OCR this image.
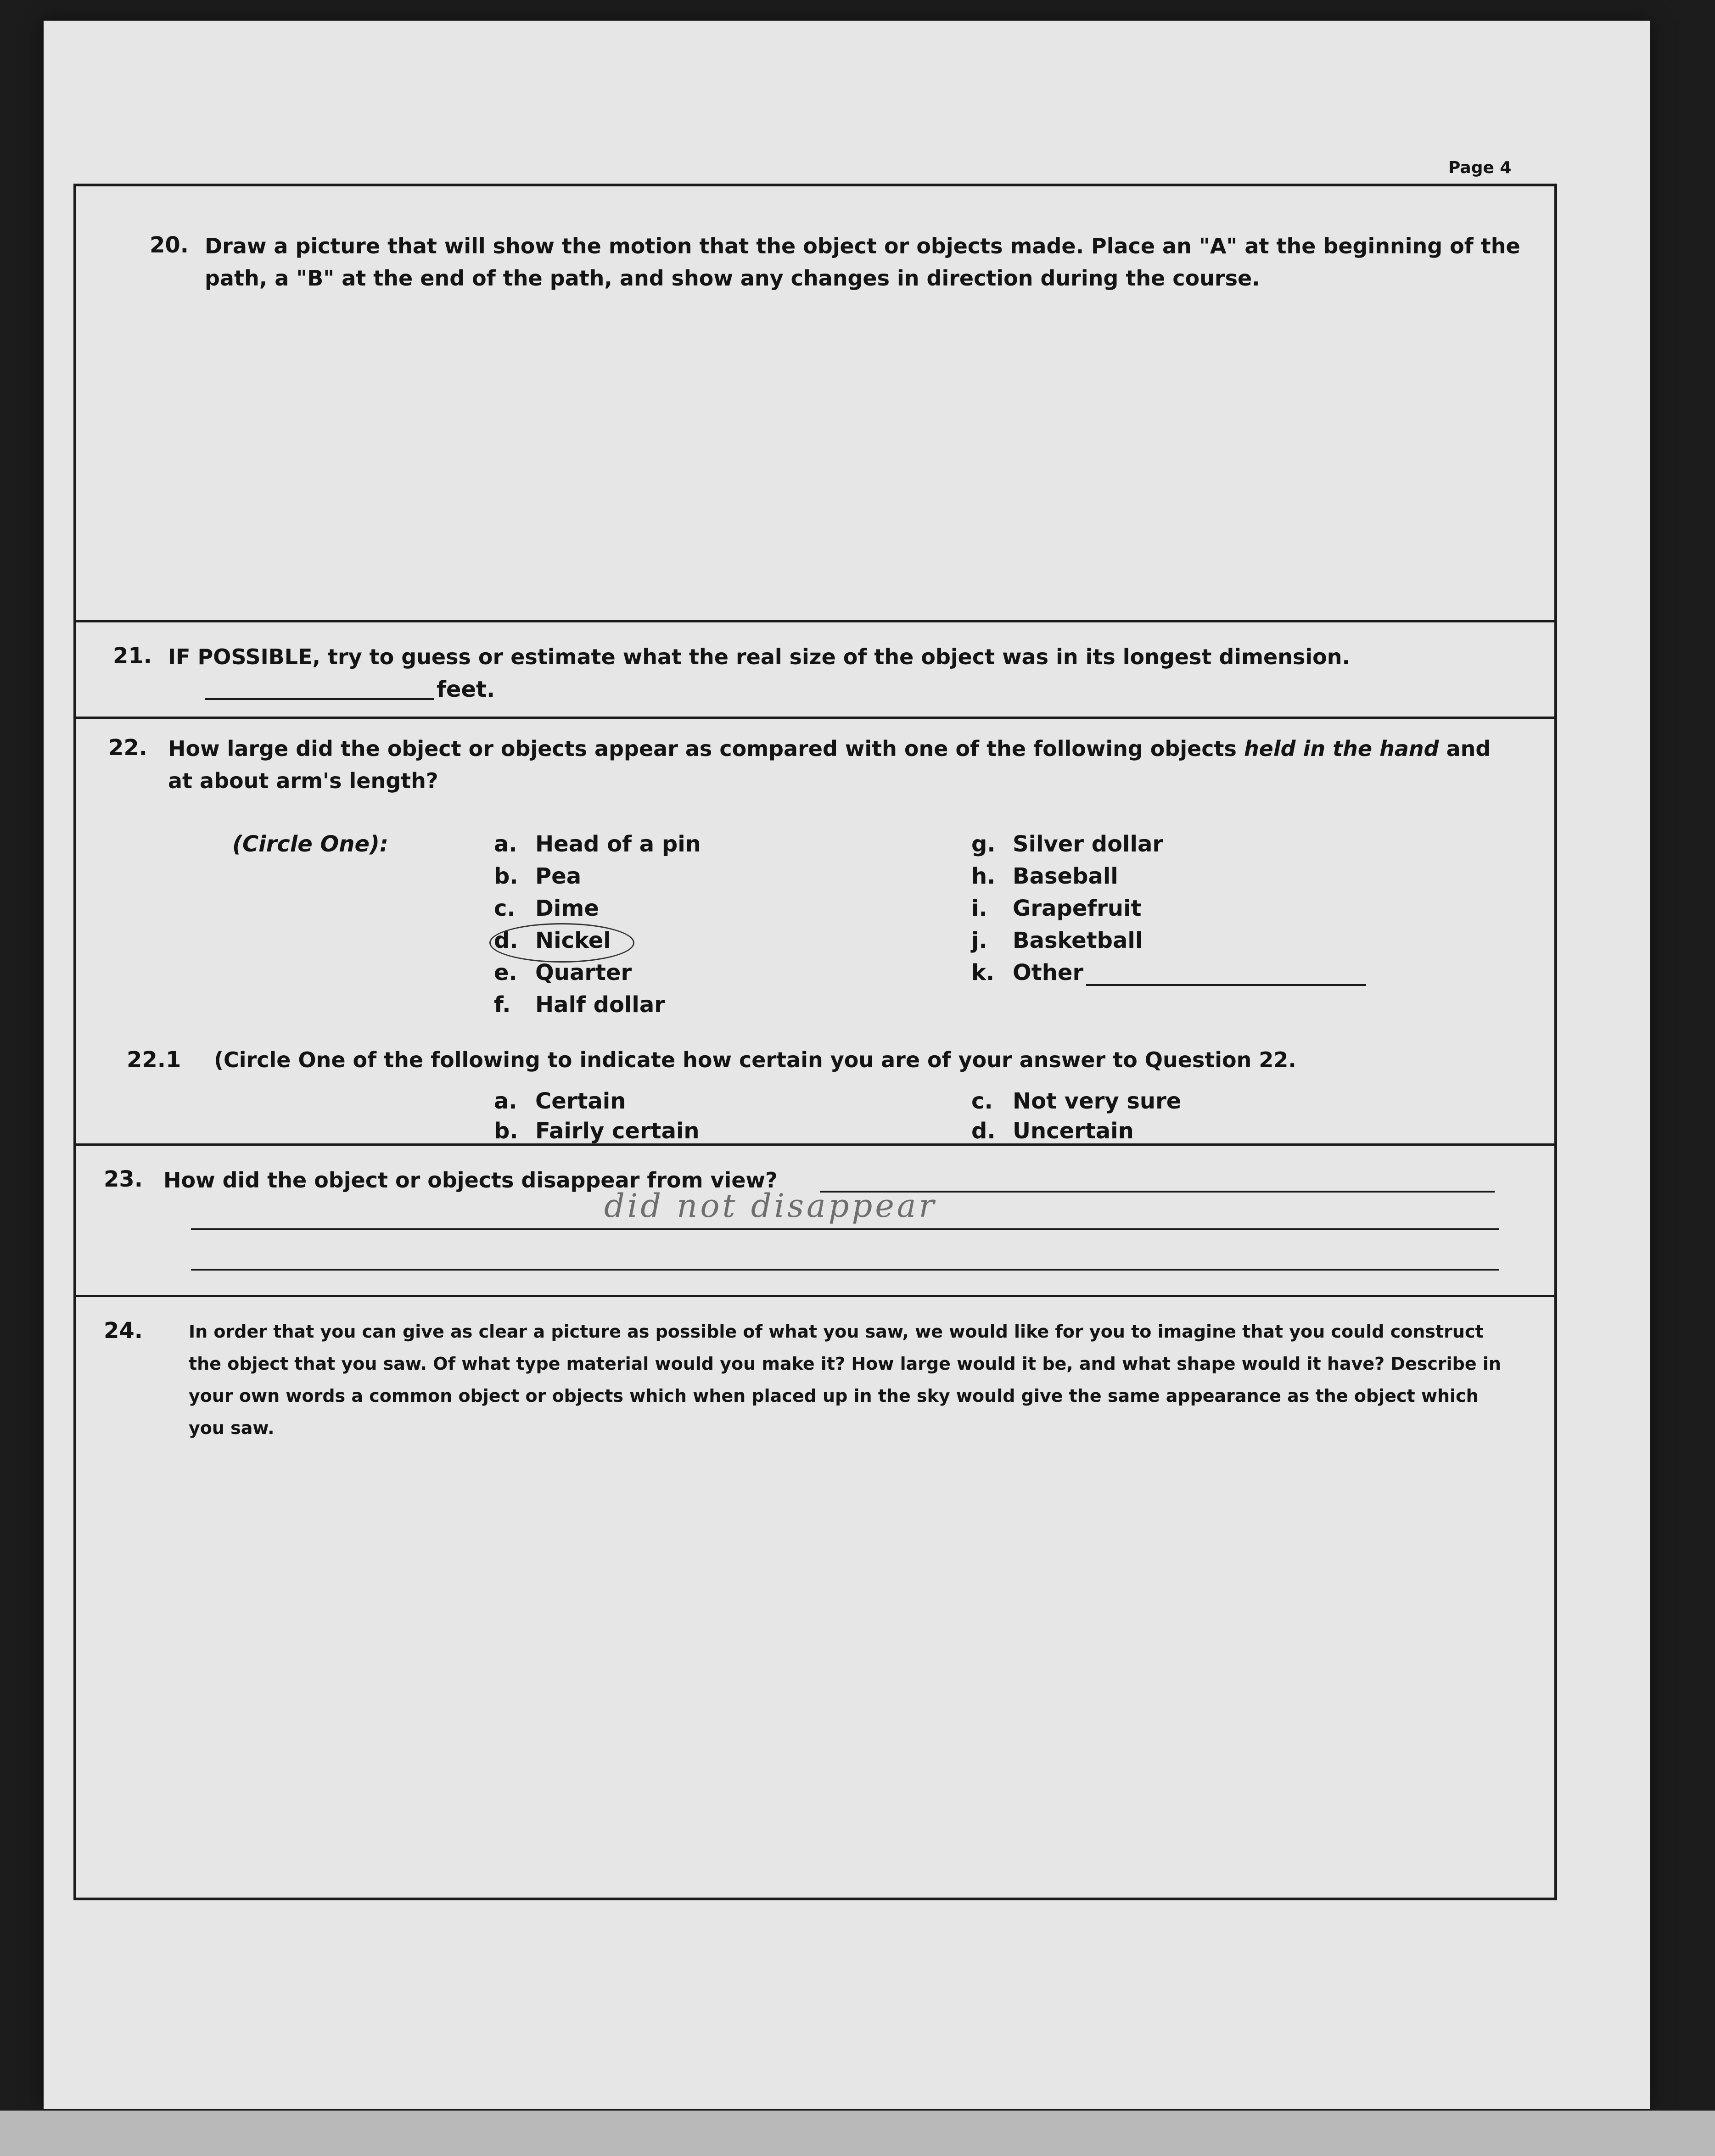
Page 4
20. Draw a picture that will show the motion that the object or objects made. Place an "A" at the beginning of the path, a "B" at the end of the path, and show any changes in direction during the course.
21. IF POSSIBLE, try to guess or estimate what the real size of the object was in its longest dimension.
feet.
22. How large did the object or objects appear as compared with one of the following objects held in the hand and at about arm's length?
(Circle One):	a. Head of a pin
b. Pea
c. Dime
d. Nickel
e. Quarter
f. Half dollar
g. Silver dollar
h. Baseball
i. Grapefruit
j. Basketball
k. Other
22.1 (Circle One of the following to indicate how certain you are of your answer to Question 22.
a. Certain
b. Fairly certain
c. Not very sure
d. Uncertain
23. How did the object or objects disappear from view?
did not disappear
24.	In order that you can give as clear a picture as possible of what you saw, we would like for you to imagine that you could construct the object that you saw. Of what type material would you make it? How large would it be, and what shape would it have? Describe in your own words a common object or objects which when placed up in the sky would give the same appearance as the object which you saw.
